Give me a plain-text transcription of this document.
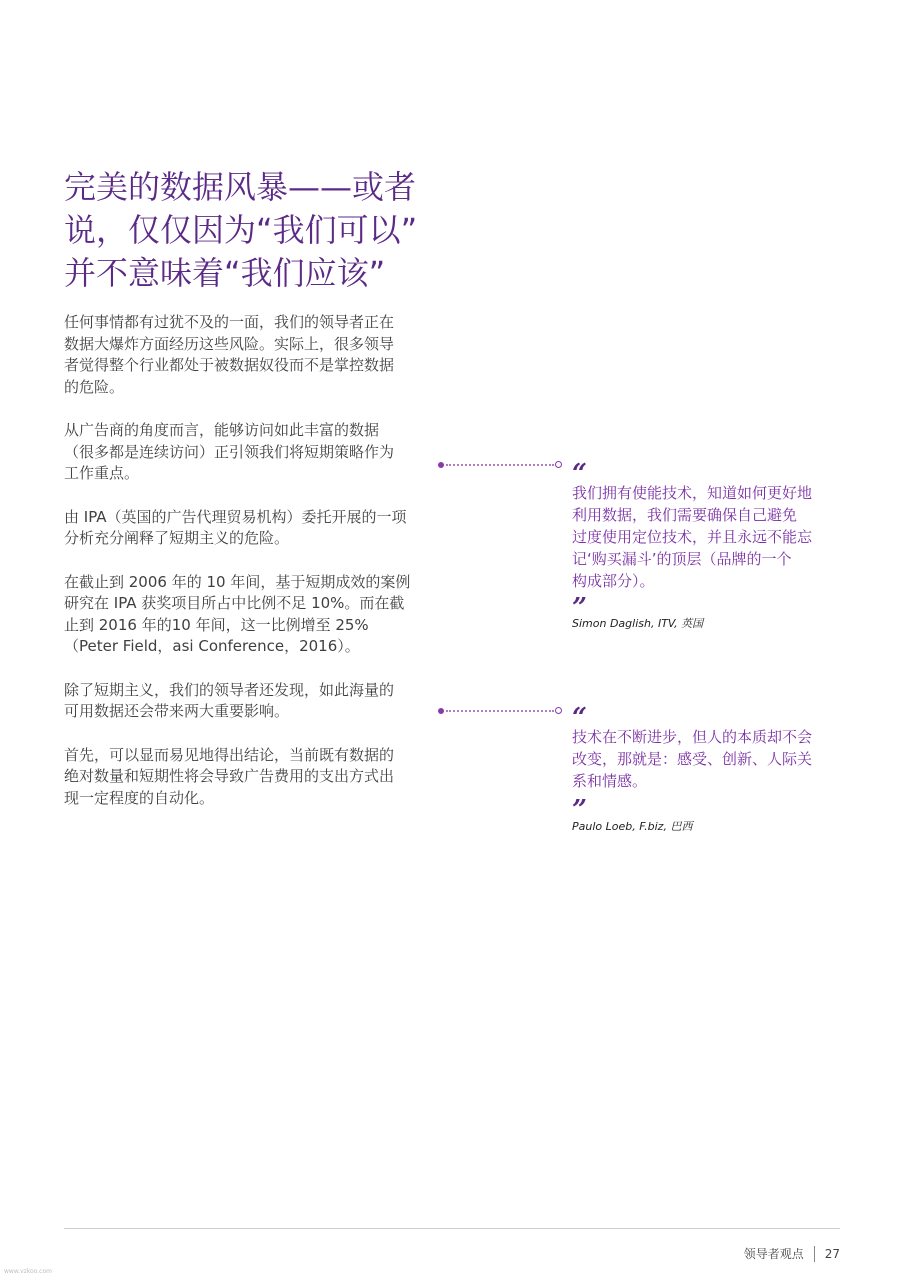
完美的数据风暴——或者
说，仅仅因为“我们可以”
并不意味着“我们应该”

任何事情都有过犹不及的一面，我们的领导者正在
数据大爆炸方面经历这些风险。实际上，很多领导
者觉得整个行业都处于被数据奴役而不是掌控数据
的危险。

从广告商的角度而言，能够访问如此丰富的数据
（很多都是连续访问）正引领我们将短期策略作为
工作重点。

由 IPA（英国的广告代理贸易机构）委托开展的一项
分析充分阐释了短期主义的危险。

在截止到 2006 年的 10 年间，基于短期成效的案例
研究在 IPA 获奖项目所占中比例不足 10%。而在截
止到 2016 年的10 年间，这一比例增至 25%
（Peter Field，asi Conference，2016）。

除了短期主义，我们的领导者还发现，如此海量的
可用数据还会带来两大重要影响。

首先，可以显而易见地得出结论，当前既有数据的
绝对数量和短期性将会导致广告费用的支出方式出
现一定程度的自动化。

“

我们拥有使能技术，知道如何更好地
利用数据，我们需要确保自己避免
过度使用定位技术，并且永远不能忘
记‘购买漏斗’的顶层（品牌的一个
构成部分）。

”
Simon Daglish, ITV, 英国
“

技术在不断进步，但人的本质却不会
改变，那就是：感受、创新、人际关
系和情感。

”
Paulo Loeb, F.biz, 巴西
领导者观点 27
www.vzkoo.com
